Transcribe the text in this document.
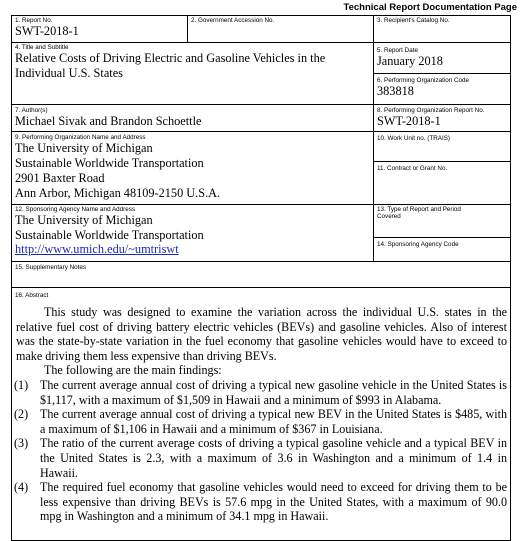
Technical Report Documentation Page
1. Report No.
SWT-2018-1
2. Government Accession No.	3. Recipient's Catalog No.
4. Title and Subtitle
Relative Costs of Driving Electric and Gasoline Vehicles in the
Individual U.S. States
5. Report Date
January 2018
6. Performing Organization Code
383818
7. Author(s)
Michael Sivak and Brandon Schoettle
8. Performing Organization Report No.
SWT-2018-1
9. Performing Organization Name and Address
The University of Michigan
Sustainable Worldwide Transportation
2901 Baxter Road
Ann Arbor, Michigan 48109-2150 U.S.A.
10. Work Unit no. (TRAIS)
11. Contract or Grant No.
12. Sponsoring Agency Name and Address
The University of Michigan
Sustainable Worldwide Transportation
http://www.umich.edu/~umtriswt
13. Type of Report and Period
Covered
14. Sponsoring Agency Code
15. Supplementary Notes
16. Abstract

This study was designed to examine the variation across the individual U.S. states in the relative fuel cost of driving battery electric vehicles (BEVs) and gasoline vehicles. Also of interest was the state-by-state variation in the fuel economy that gasoline vehicles would have to exceed to make driving them less expensive than driving BEVs.

The following are the main findings:

(1) The current average annual cost of driving a typical new gasoline vehicle in the United States is $1,117, with a maximum of $1,509 in Hawaii and a minimum of $993 in Alabama.

(2) The current average annual cost of driving a typical new BEV in the United States is $485, with a maximum of $1,106 in Hawaii and a minimum of $367 in Louisiana.

(3) The ratio of the current average costs of driving a typical gasoline vehicle and a typical BEV in the United States is 2.3, with a maximum of 3.6 in Washington and a minimum of 1.4 in Hawaii.

(4) The required fuel economy that gasoline vehicles would need to exceed for driving them to be less expensive than driving BEVs is 57.6 mpg in the United States, with a maximum of 90.0 mpg in Washington and a minimum of 34.1 mpg in Hawaii.
